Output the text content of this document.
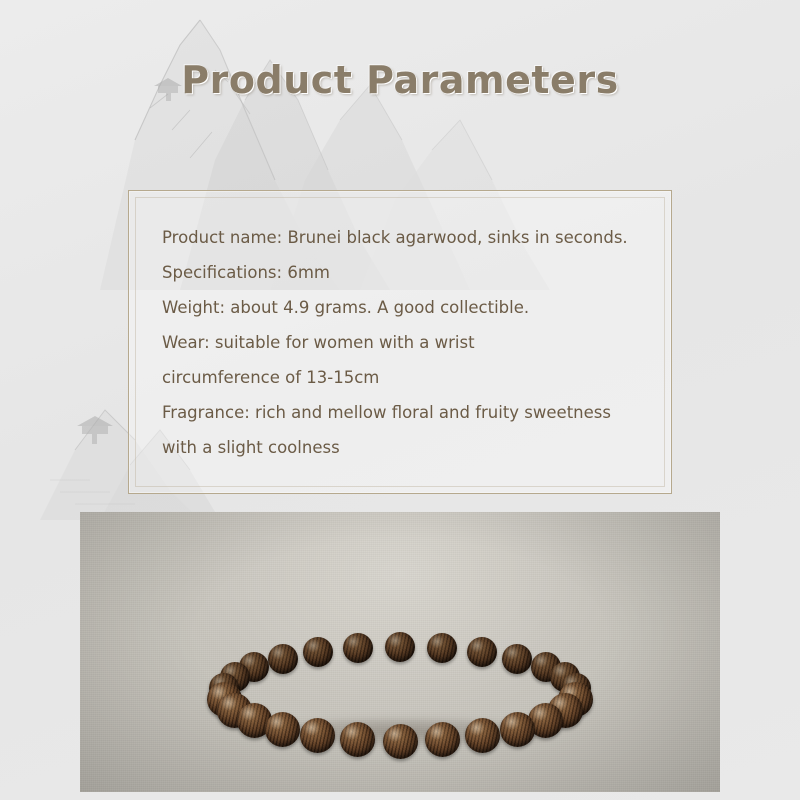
Product Parameters
Product name: Brunei black agarwood, sinks in seconds.
Specifications: 6mm
Weight: about 4.9 grams. A good collectible.
Wear: suitable for women with a wrist
circumference of 13-15cm
Fragrance: rich and mellow floral and fruity sweetness
with a slight coolness
